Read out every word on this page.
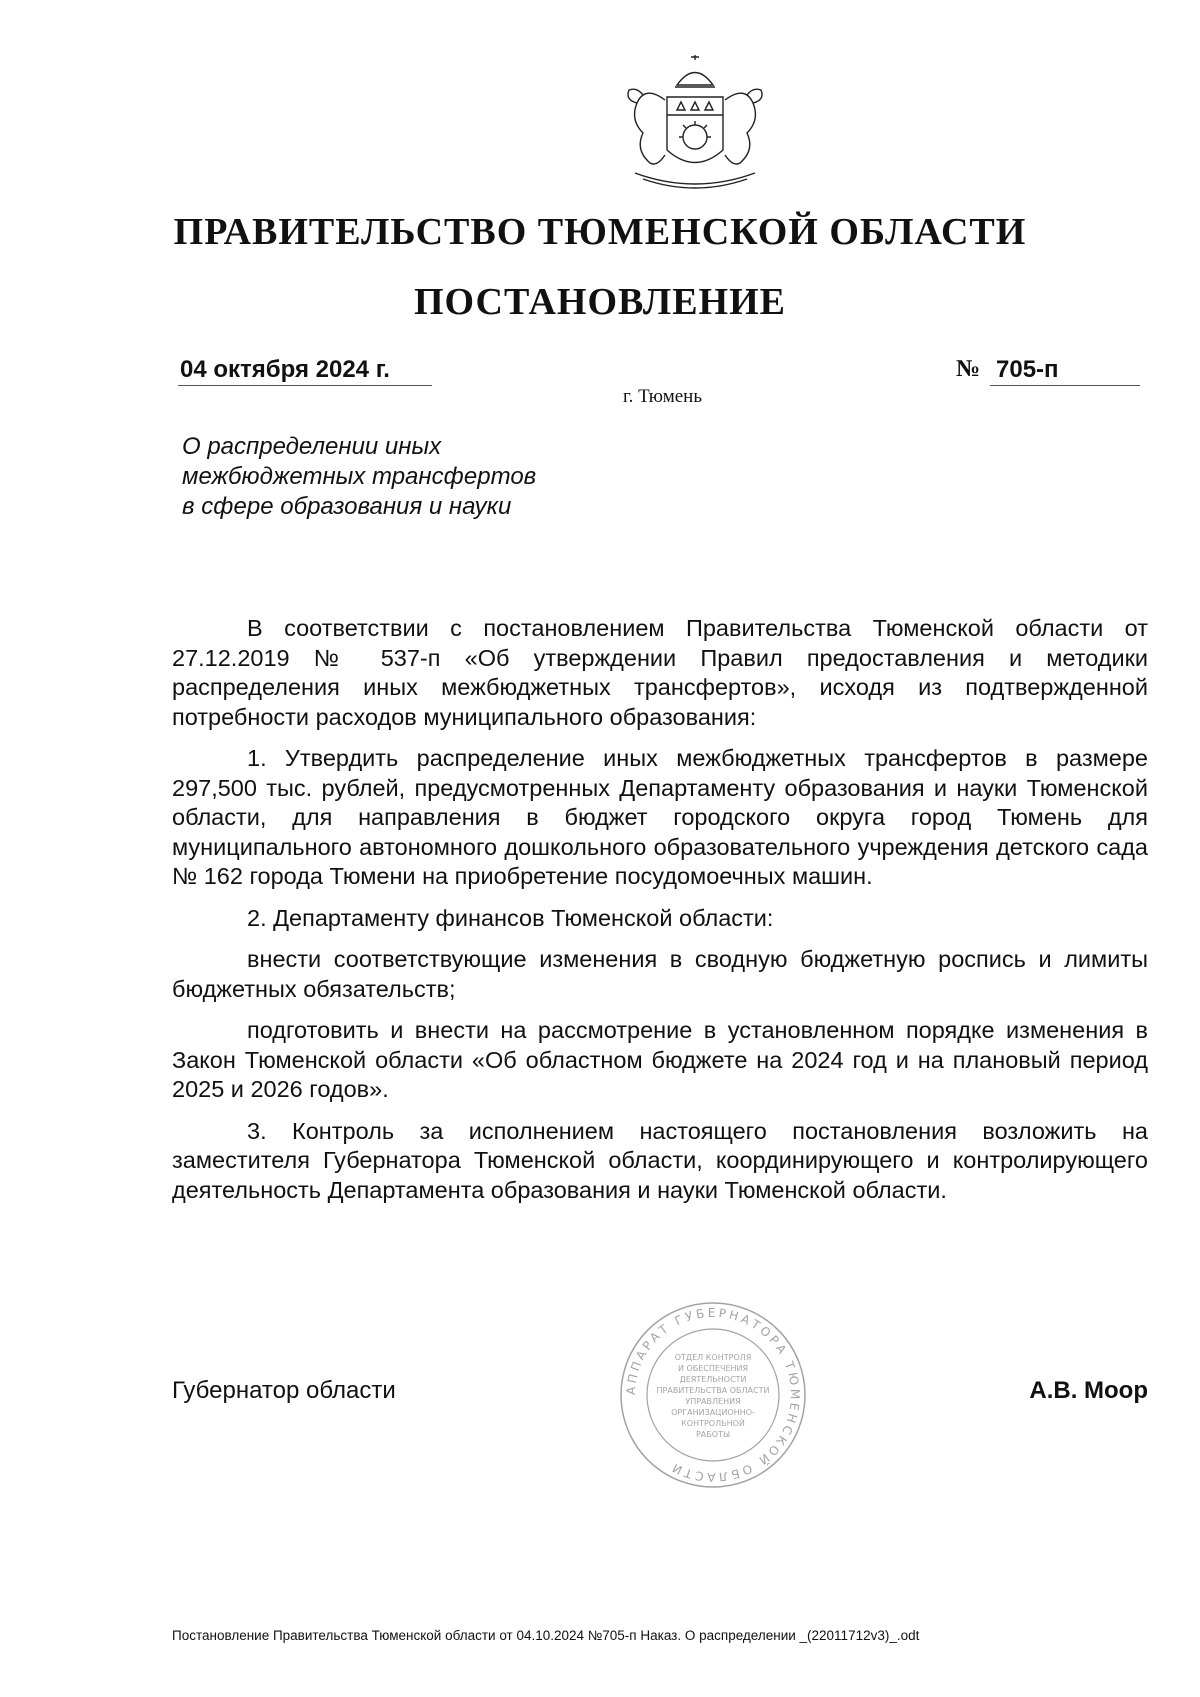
ПРАВИТЕЛЬСТВО ТЮМЕНСКОЙ ОБЛАСТИ
ПОСТАНОВЛЕНИЕ
04 октября 2024 г.	№ 705-п
г. Тюмень
О распределении иных
межбюджетных трансфертов
в сфере образования и науки

В соответствии с постановлением Правительства Тюменской области от 27.12.2019 № 537-п «Об утверждении Правил предоставления и методики распределения иных межбюджетных трансфертов», исходя из подтвержденной потребности расходов муниципального образования:

1. Утвердить распределение иных межбюджетных трансфертов в размере 297,500 тыс. рублей, предусмотренных Департаменту образования и науки Тюменской области, для направления в бюджет городского округа город Тюмень для муниципального автономного дошкольного образовательного учреждения детского сада № 162 города Тюмени на приобретение посудомоечных машин.

2. Департаменту финансов Тюменской области:

внести соответствующие изменения в сводную бюджетную роспись и лимиты бюджетных обязательств;

подготовить и внести на рассмотрение в установленном порядке изменения в Закон Тюменской области «Об областном бюджете на 2024 год и на плановый период 2025 и 2026 годов».

3. Контроль за исполнением настоящего постановления возложить на заместителя Губернатора Тюменской области, координирующего и контролирующего деятельность Департамента образования и науки Тюменской области.

АППАРАТ ГУБЕРНАТОРА ТЮМЕНСКОЙ ОБЛАСТИ
ОТДЕЛ КОНТРОЛЯ
И ОБЕСПЕЧЕНИЯ
ДЕЯТЕЛЬНОСТИ
ПРАВИТЕЛЬСТВА ОБЛАСТИ
УПРАВЛЕНИЯ
ОРГАНИЗАЦИОННО-
КОНТРОЛЬНОЙ
РАБОТЫ
Губернатор области	А.В. Моор
Постановление Правительства Тюменской области от 04.10.2024 №705-п Наказ. О распределении _(22011712v3)_.odt
